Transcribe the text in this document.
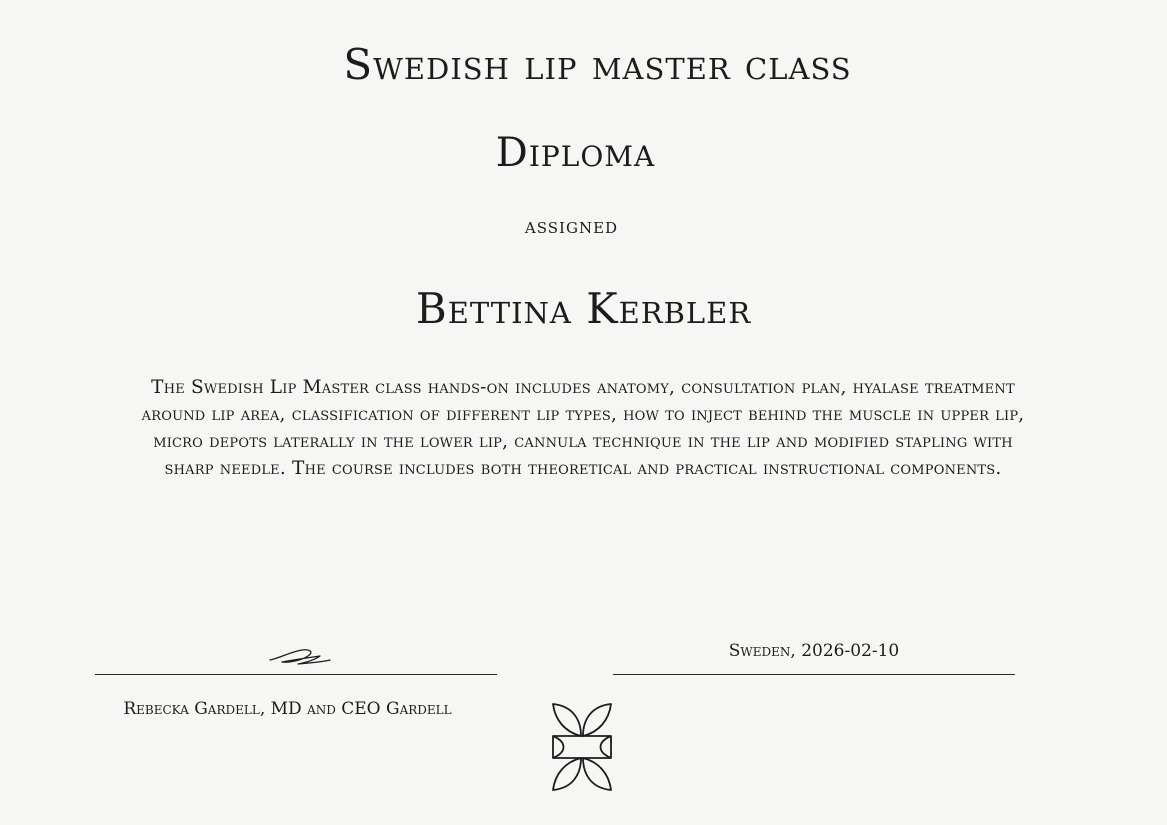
Swedish lip master class
Diploma
assigned
Bettina Kerbler
The Swedish Lip Master class hands-on includes anatomy, consultation plan, hyalase treatment around lip area, classification of different lip types, how to inject behind the muscle in upper lip, micro depots laterally in the lower lip, cannula technique in the lip and modified stapling with sharp needle. The course includes both theoretical and practical instructional components.
Rebecka Gardell, MD and CEO Gardell
Sweden, 2026-02-10
